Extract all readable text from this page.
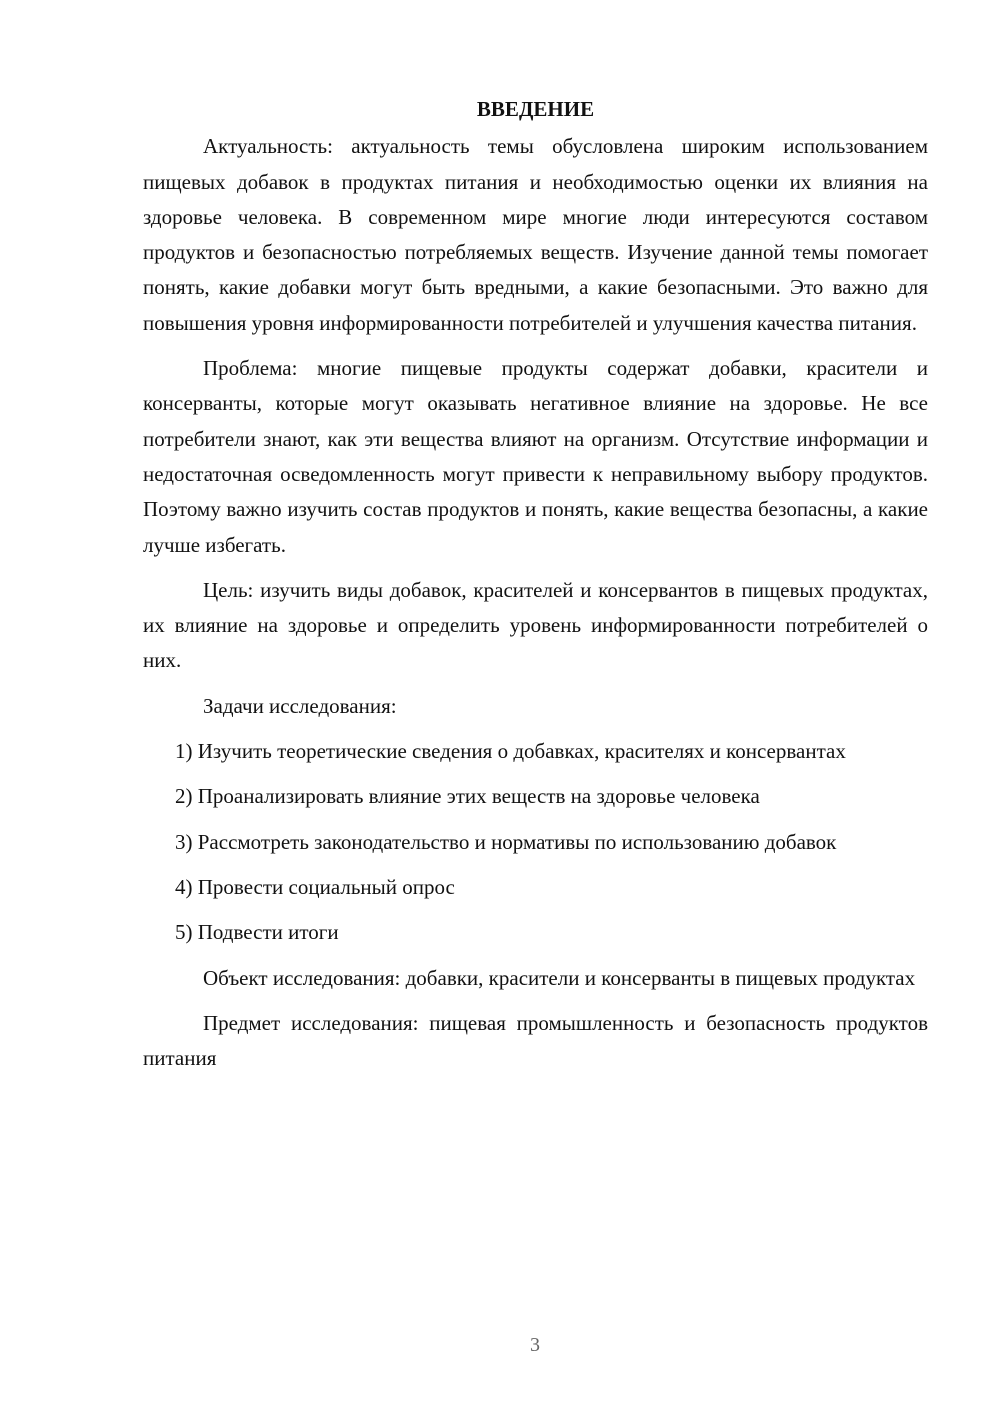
ВВЕДЕНИЕ

Актуальность: актуальность темы обусловлена широким использованием пищевых добавок в продуктах питания и необходимостью оценки их влияния на здоровье человека. В современном мире многие люди интересуются составом продуктов и безопасностью потребляемых веществ. Изучение данной темы помогает понять, какие добавки могут быть вредными, а какие безопасными. Это важно для повышения уровня информированности потребителей и улучшения качества питания.

Проблема: многие пищевые продукты содержат добавки, красители и консерванты, которые могут оказывать негативное влияние на здоровье. Не все потребители знают, как эти вещества влияют на организм. Отсутствие информации и недостаточная осведомленность могут привести к неправильному выбору продуктов. Поэтому важно изучить состав продуктов и понять, какие вещества безопасны, а какие лучше избегать.

Цель: изучить виды добавок, красителей и консервантов в пищевых продуктах, их влияние на здоровье и определить уровень информированности потребителей о них.

Задачи исследования:

1) Изучить теоретические сведения о добавках, красителях и консервантах

2) Проанализировать влияние этих веществ на здоровье человека

3) Рассмотреть законодательство и нормативы по использованию добавок

4) Провести социальный опрос

5) Подвести итоги

Объект исследования: добавки, красители и консерванты в пищевых продуктах

Предмет исследования: пищевая промышленность и безопасность продуктов питания

3
